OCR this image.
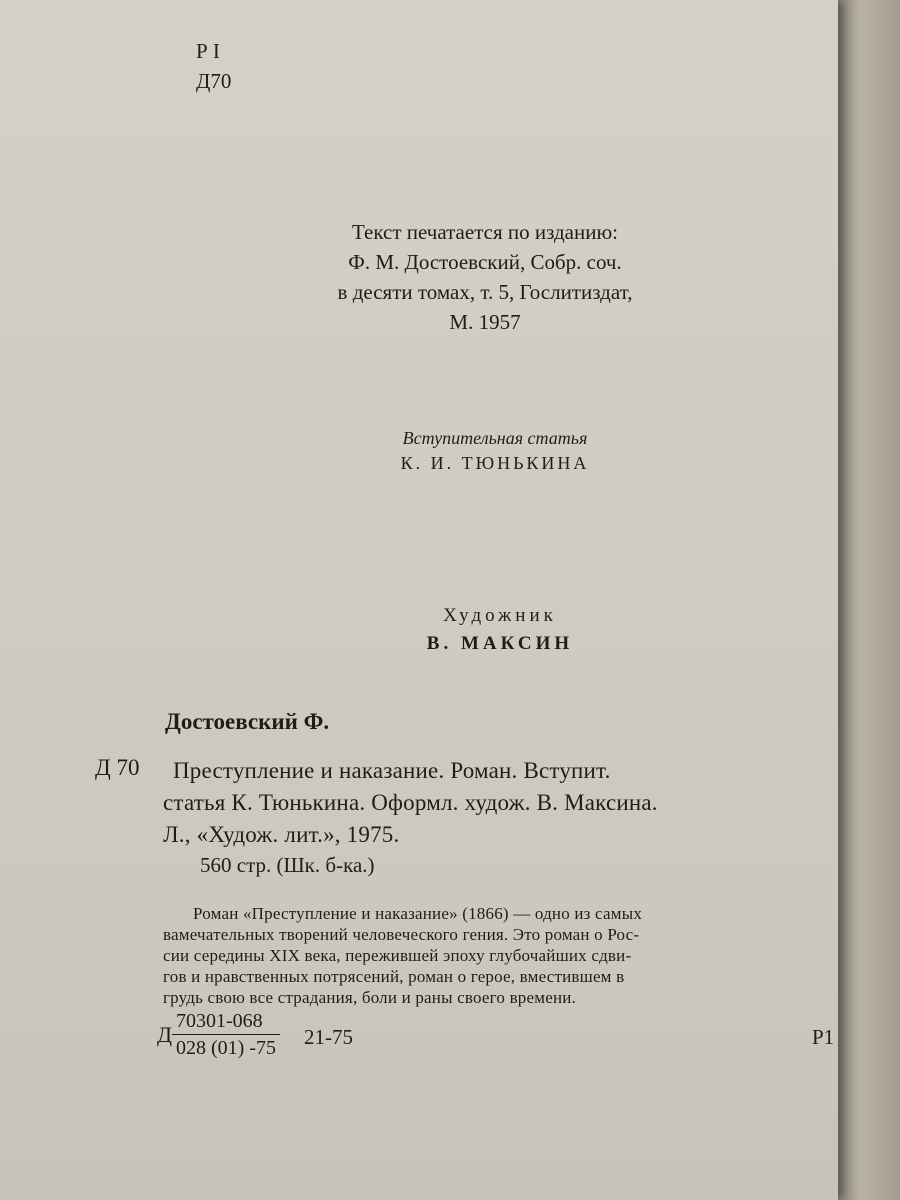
Р I
Д70
Текст печатается по изданию:
Ф. М. Достоевский, Собр. соч.
в десяти томах, т. 5, Гослитиздат,
М. 1957
Вступительная статья
К. И. ТЮНЬКИНА
Художник
В. МАКСИН
Достоевский Ф.
Д 70	Преступление и наказание. Роман. Вступит.
статья К. Тюнькина. Оформл. худож. В. Максина.
Л., «Худож. лит.», 1975.
560 стр. (Шк. б-ка.)
Роман «Преступление и наказание» (1866) — одно из самых
вамечательных творений человеческого гения. Это роман о Рос-
сии середины XIX века, пережившей эпоху глубочайших сдви-
гов и нравственных потрясений, роман о герое, вместившем в
грудь свою все страдания, боли и раны своего времени.
Д $\frac{70301-068}{028 (01) -75} 21-75$	Р1
